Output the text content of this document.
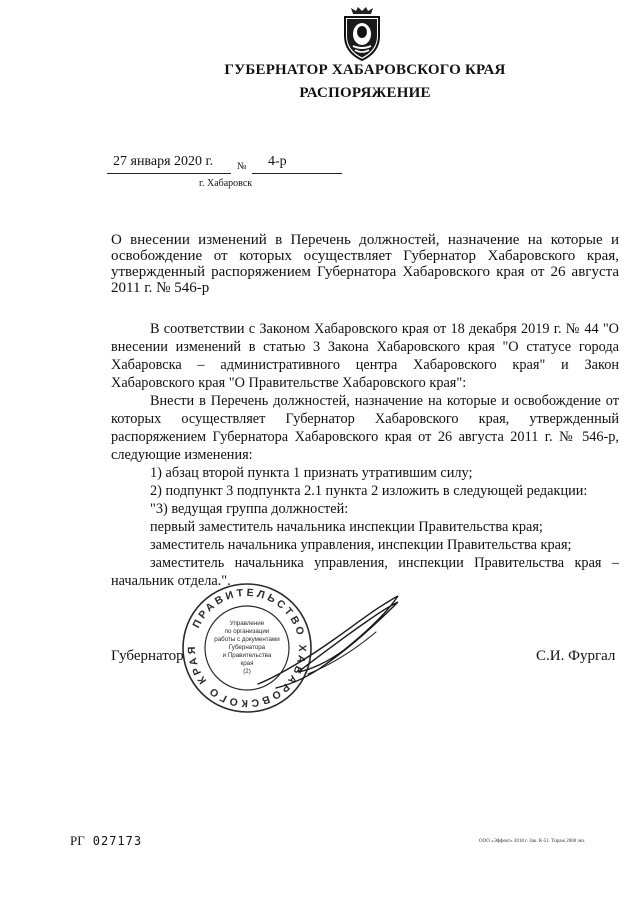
ГУБЕРНАТОР ХАБАРОВСКОГО КРАЯ
РАСПОРЯЖЕНИЕ
27 января 2020 г. № 4-р
г. Хабаровск
О внесении изменений в Перечень должностей, назначение на которые и освобождение от которых осуществляет Губернатор Хабаровского края, утвержденный распоряжением Губернатора Хабаровского края от 26 августа 2011 г. № 546-р

В соответствии с Законом Хабаровского края от 18 декабря 2019 г. № 44 "О внесении изменений в статью 3 Закона Хабаровского края "О статусе города Хабаровска – административного центра Хабаровского края" и Закон Хабаровского края "О Правительстве Хабаровского края":

Внести в Перечень должностей, назначение на которые и освобождение от которых осуществляет Губернатор Хабаровского края, утвержденный распоряжением Губернатора Хабаровского края от 26 августа 2011 г. № 546-р, следующие изменения:

1) абзац второй пункта 1 признать утратившим силу;

2) подпункт 3 подпункта 2.1 пункта 2 изложить в следующей редакции:

"3) ведущая группа должностей:

первый заместитель начальника инспекции Правительства края;

заместитель начальника управления, инспекции Правительства края;

заместитель начальника управления, инспекции Правительства края – начальник отдела.".

Губернатор	С.И. Фургал
ПРАВИТЕЛЬСТВО ХАБАРОВСКОГО КРАЯ
Управление
по организации
работы с документами
Губернатора
и Правительства
края
(2)
РГ 027173	ООО «Эффект» 2018 г. Зак. К-51. Тираж 2000 экз.
